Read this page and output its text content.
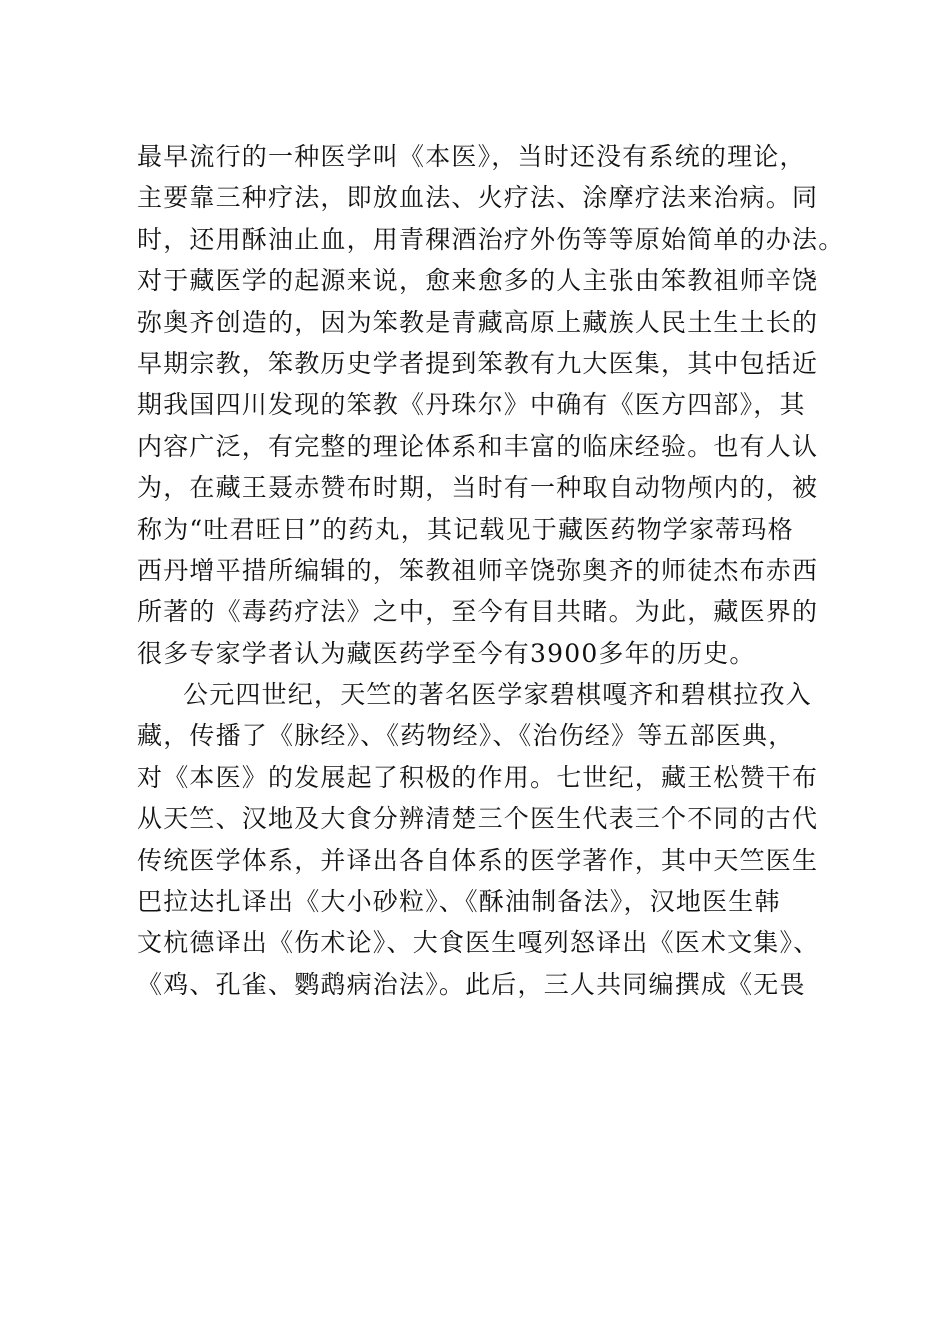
最早流行的一种医学叫《本医》，当时还没有系统的理论，
主要靠三种疗法，即放血法、火疗法、涂摩疗法来治病。同
时，还用酥油止血，用青稞酒治疗外伤等等原始简单的办法。
对于藏医学的起源来说，愈来愈多的人主张由笨教祖师辛饶
弥奥齐创造的，因为笨教是青藏高原上藏族人民土生土长的
早期宗教，笨教历史学者提到笨教有九大医集，其中包括近
期我国四川发现的笨教《丹珠尔》中确有《医方四部》，其
内容广泛，有完整的理论体系和丰富的临床经验。也有人认
为，在藏王聂赤赞布时期，当时有一种取自动物颅内的，被
称为“吐君旺日”的药丸，其记载见于藏医药物学家蒂玛格
西丹增平措所编辑的，笨教祖师辛饶弥奥齐的师徒杰布赤西
所著的《毒药疗法》之中，至今有目共睹。为此，藏医界的
很多专家学者认为藏医药学至今有3900多年的历史。
公元四世纪，天竺的著名医学家碧棋嘎齐和碧棋拉孜入
藏，传播了《脉经》、《药物经》、《治伤经》等五部医典，
对《本医》的发展起了积极的作用。七世纪，藏王松赞干布
从天竺、汉地及大食分辨清楚三个医生代表三个不同的古代
传统医学体系，并译出各自体系的医学著作，其中天竺医生
巴拉达扎译出《大小砂粒》、《酥油制备法》，汉地医生韩
文杭德译出《伤术论》、大食医生嘎列怒译出《医术文集》、
《鸡、孔雀、鹦鹉病治法》。此后，三人共同编撰成《无畏
